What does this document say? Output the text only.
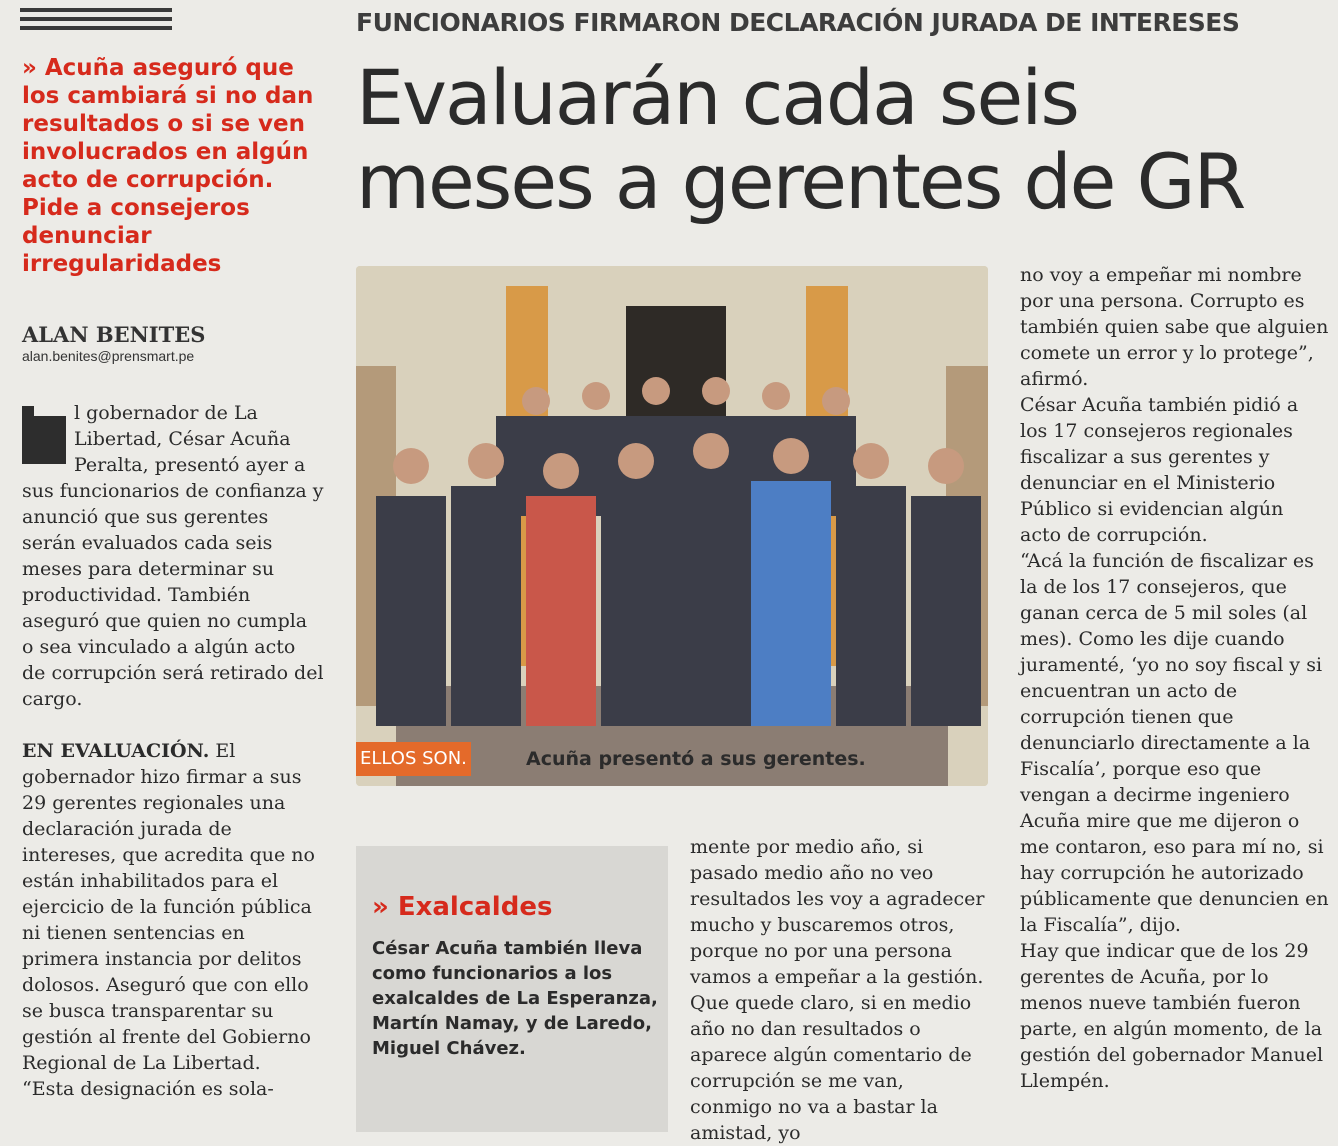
FUNCIONARIOS FIRMARON DECLARACIÓN JURADA DE INTERESES
Evaluarán cada seis meses a gerentes de GR
» Acuña aseguró que los cambiará si no dan resultados o si se ven involucrados en algún acto de corrupción. Pide a consejeros denunciar irregularidades
ALAN BENITES
alan.benites@prensmart.pe

l gobernador de La Libertad, César Acuña Peralta, presentó ayer a sus funcionarios de confianza y anunció que sus gerentes serán evaluados cada seis meses para determinar su productividad. También aseguró que quien no cumpla o sea vinculado a algún acto de corrupción será retirado del cargo.

EN EVALUACIÓN. El gobernador hizo firmar a sus 29 gerentes regionales una declaración jurada de intereses, que acredita que no están inhabilitados para el ejercicio de la función pública ni tienen sentencias en primera instancia por delitos dolosos. Aseguró que con ello se busca transparentar su gestión al frente del Gobierno Regional de La Libertad.

“Esta designación es sola-

ELLOS SON.	Acuña presentó a sus gerentes.
» Exalcaldes
César Acuña también lleva como funcionarios a los exalcaldes de La Esperanza, Martín Namay, y de Laredo, Miguel Chávez.
mente por medio año, si pasado medio año no veo resultados les voy a agradecer mucho y buscaremos otros, porque no por una persona vamos a empeñar a la gestión. Que quede claro, si en medio año no dan resultados o aparece algún comentario de corrupción se me van, conmigo no va a bastar la amistad, yo

no voy a empeñar mi nombre por una persona. Corrupto es también quien sabe que alguien comete un error y lo protege”, afirmó.

César Acuña también pidió a los 17 consejeros regionales fiscalizar a sus gerentes y denunciar en el Ministerio Público si evidencian algún acto de corrupción.

“Acá la función de fiscalizar es la de los 17 consejeros, que ganan cerca de 5 mil soles (al mes). Como les dije cuando juramenté, ‘yo no soy fiscal y si encuentran un acto de corrupción tienen que denunciarlo directamente a la Fiscalía’, porque eso que vengan a decirme ingeniero Acuña mire que me dijeron o me contaron, eso para mí no, si hay corrupción he autorizado públicamente que denuncien en la Fiscalía”, dijo.

Hay que indicar que de los 29 gerentes de Acuña, por lo menos nueve también fueron parte, en algún momento, de la gestión del gobernador Manuel Llempén.
